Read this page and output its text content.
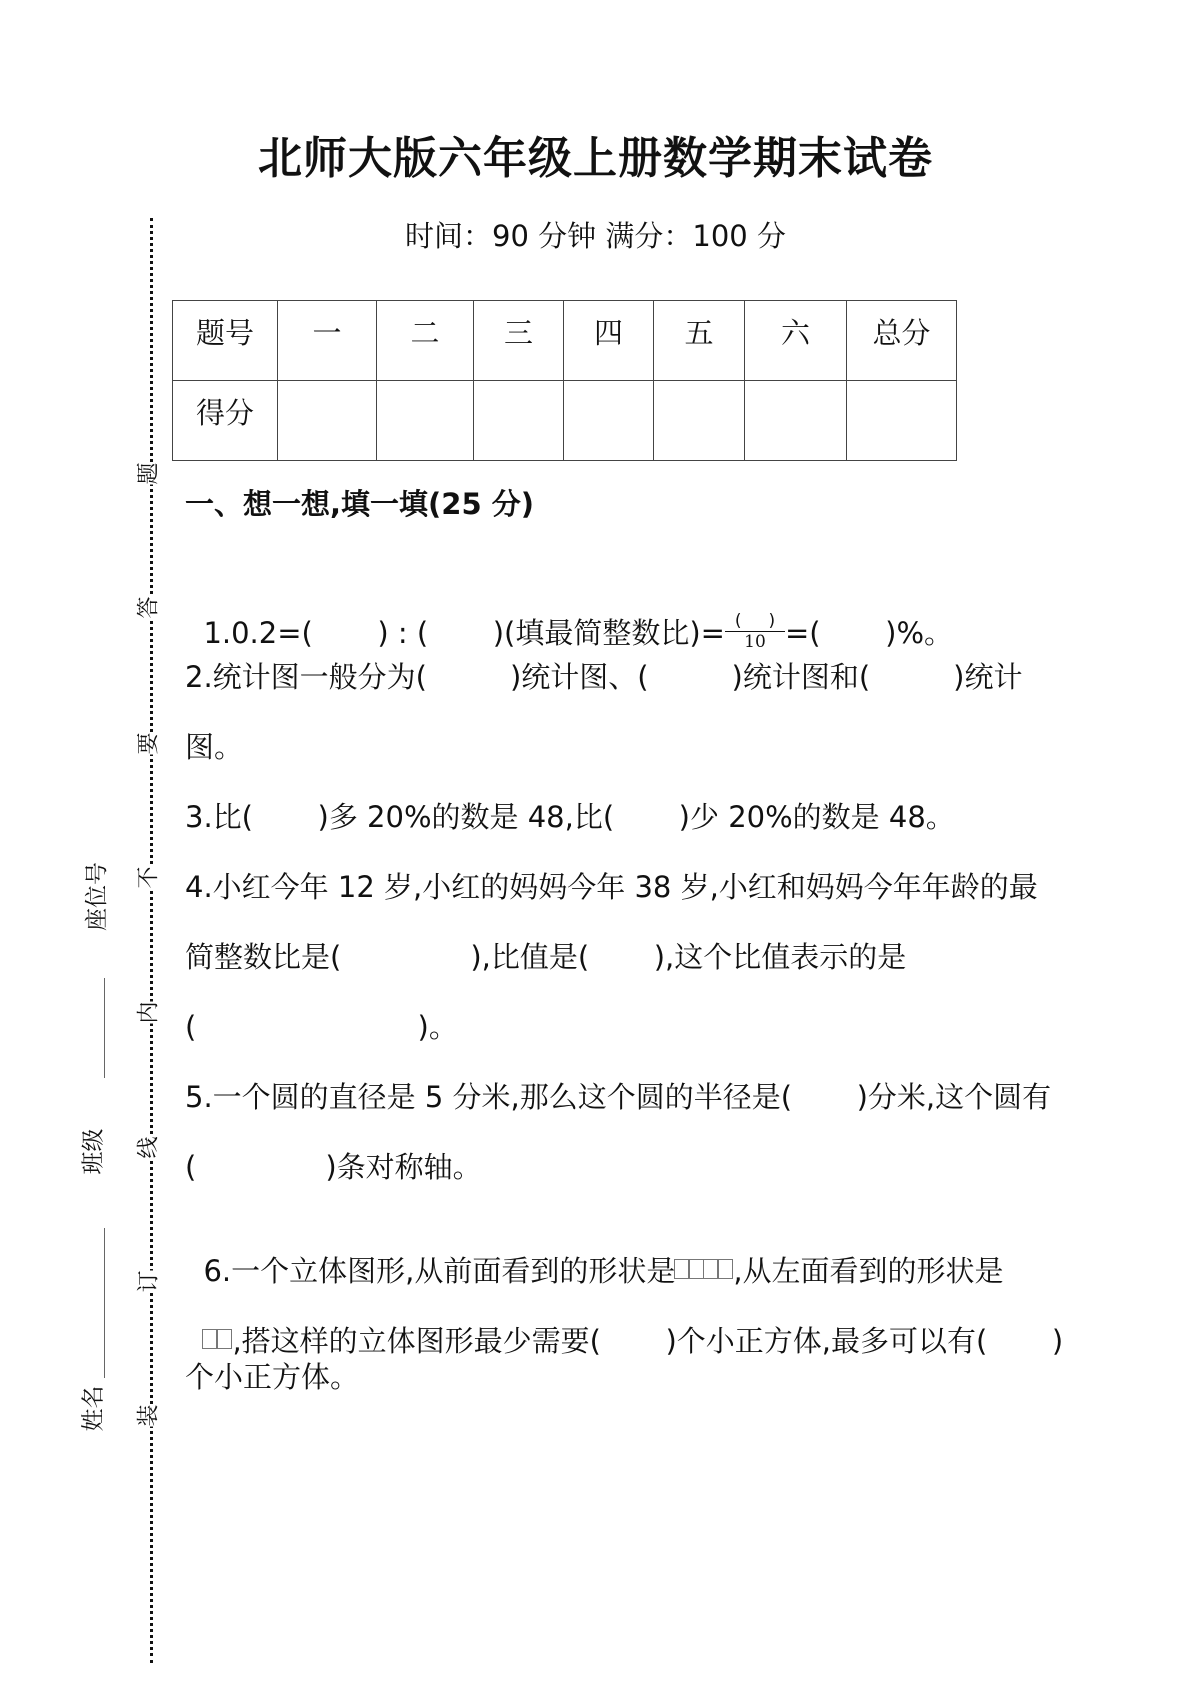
北师大版六年级上册数学期末试卷
时间：90 分钟 满分：100 分
题
答
要
不
内
线
订
装
座位号
班级
姓名
题号	一	二	三	四	五	六	总分
得分							
一、想一想,填一填(25 分)

1.0.2=(       ) : (       )(填最简整数比)= $\frac{( )}{10}$ =(       )%。

2.统计图一般分为(         )统计图、(         )统计图和(         )统计
图。
3.比(       )多 20%的数是 48,比(       )少 20%的数是 48。
4.小红今年 12 岁,小红的妈妈今年 38 岁,小红和妈妈今年年龄的最
简整数比是(              ),比值是(       ),这个比值表示的是
(                        )。
5.一个圆的直径是 5 分米,那么这个圆的半径是(       )分米,这个圆有
(              )条对称轴。

6.一个立体图形,从前面看到的形状是 ,从左面看到的形状是

,搭这样的立体图形最少需要(       )个小正方体,最多可以有(       )

个小正方体。
